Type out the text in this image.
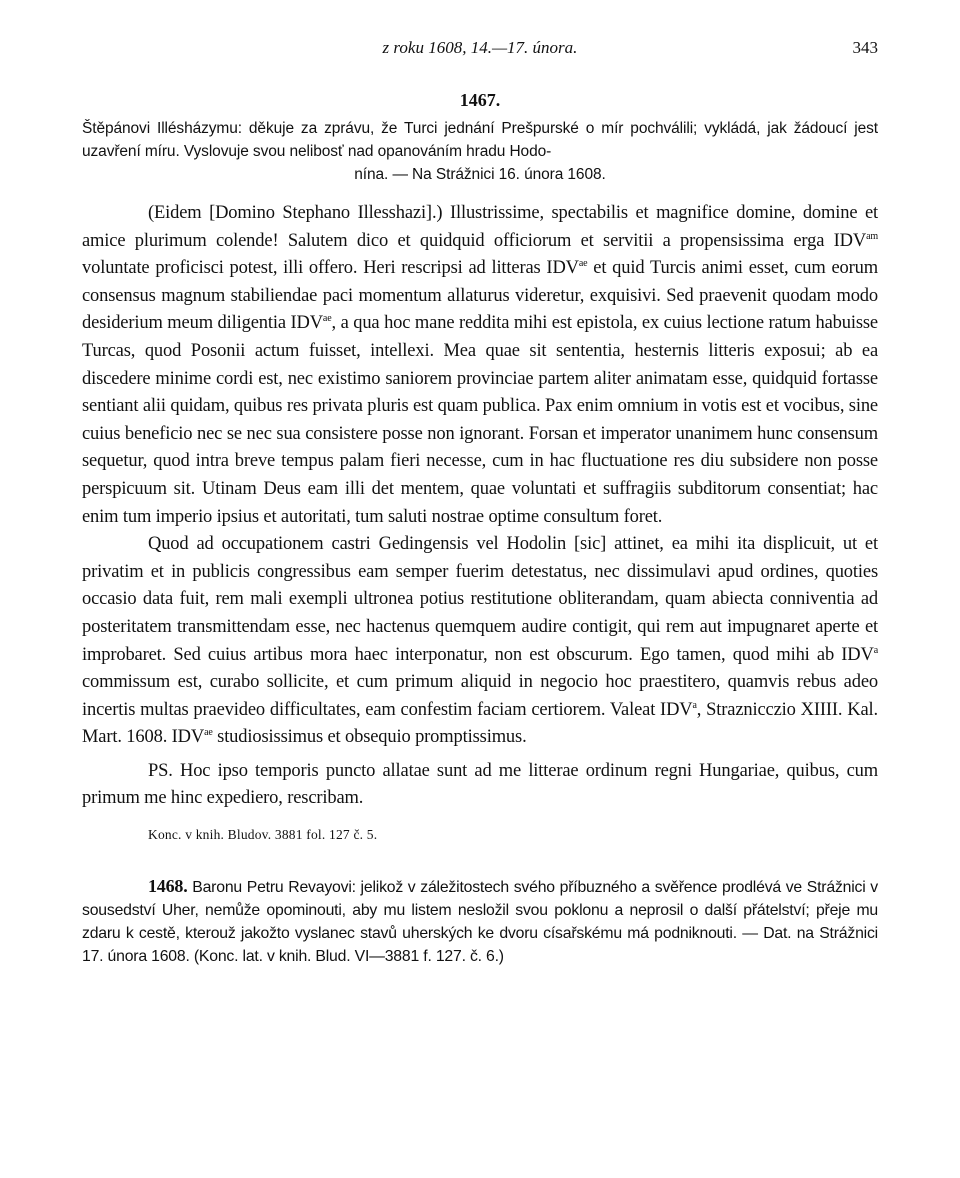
z roku 1608, 14.—17. února.	343
1467.
Štěpánovi Illésházymu: děkuje za zprávu, že Turci jednání Prešpurské o mír pochválili; vykládá, jak žádoucí jest uzavření míru. Vyslovuje svou nelibosť nad opanováním hradu Hodo-
nína. — Na Strážnici 16. února 1608.

(Eidem [Domino Stephano Illesshazi].) Illustrissime, spectabilis et magnifice domine, domine et amice plurimum colende! Salutem dico et quidquid officiorum et servitii a propensissima erga $IDV^{am}$ voluntate proficisci potest, illi offero. Heri rescripsi ad litteras $IDV^{ae}$ et quid Turcis animi esset, cum eorum consensus magnum stabiliendae paci momentum allaturus videretur, exquisivi. Sed praevenit quodam modo desiderium meum diligentia $IDV^{ae}$, a qua hoc mane reddita mihi est epistola, ex cuius lectione ratum habuisse Turcas, quod Posonii actum fuisset, intellexi. Mea quae sit sententia, hesternis litteris exposui; ab ea discedere minime cordi est, nec existimo saniorem provinciae partem aliter animatam esse, quidquid fortasse sentiant alii quidam, quibus res privata pluris est quam publica. Pax enim omnium in votis est et vocibus, sine cuius beneficio nec se nec sua consistere posse non ignorant. Forsan et imperator unanimem hunc consensum sequetur, quod intra breve tempus palam fieri necesse, cum in hac fluctuatione res diu subsidere non posse perspicuum sit. Utinam Deus eam illi det mentem, quae voluntati et suffragiis subditorum consentiat; hac enim tum imperio ipsius et autoritati, tum saluti nostrae optime consultum foret.

Quod ad occupationem castri Gedingensis vel Hodolin [sic] attinet, ea mihi ita displicuit, ut et privatim et in publicis congressibus eam semper fuerim detestatus, nec dissimulavi apud ordines, quoties occasio data fuit, rem mali exempli ultronea potius restitutione obliterandam, quam abiecta conniventia ad posteritatem transmittendam esse, nec hactenus quemquem audire contigit, qui rem aut impugnaret aperte et improbaret. Sed cuius artibus mora haec interponatur, non est obscurum. Ego tamen, quod mihi ab IDV$^a$ commissum est, curabo sollicite, et cum primum aliquid in negocio hoc praestitero, quamvis rebus adeo incertis multas praevideo difficultates, eam confestim faciam certiorem. Valeat IDV$^a$, Straznicczio XIIII. Kal. Mart. 1608. $IDV^{ae}$ studiosissimus et obsequio promptissimus.

PS. Hoc ipso temporis puncto allatae sunt ad me litterae ordinum regni Hungariae, quibus, cum primum me hinc expediero, rescribam.

Konc. v knih. Bludov. 3881 fol. 127 č. 5.
1468. Baronu Petru Revayovi: jelikož v záležitostech svého příbuzného a svěřence prodlévá ve Strážnici v sousedství Uher, nemůže opominouti, aby mu listem nesložil svou poklonu a neprosil o další přátelství; přeje mu zdaru k cestě, kterouž jakožto vyslanec stavů uherských ke dvoru císařskému má podniknouti. — Dat. na Strážnici 17. února 1608. (Konc. lat. v knih. Blud. VI—3881 f. 127. č. 6.)
